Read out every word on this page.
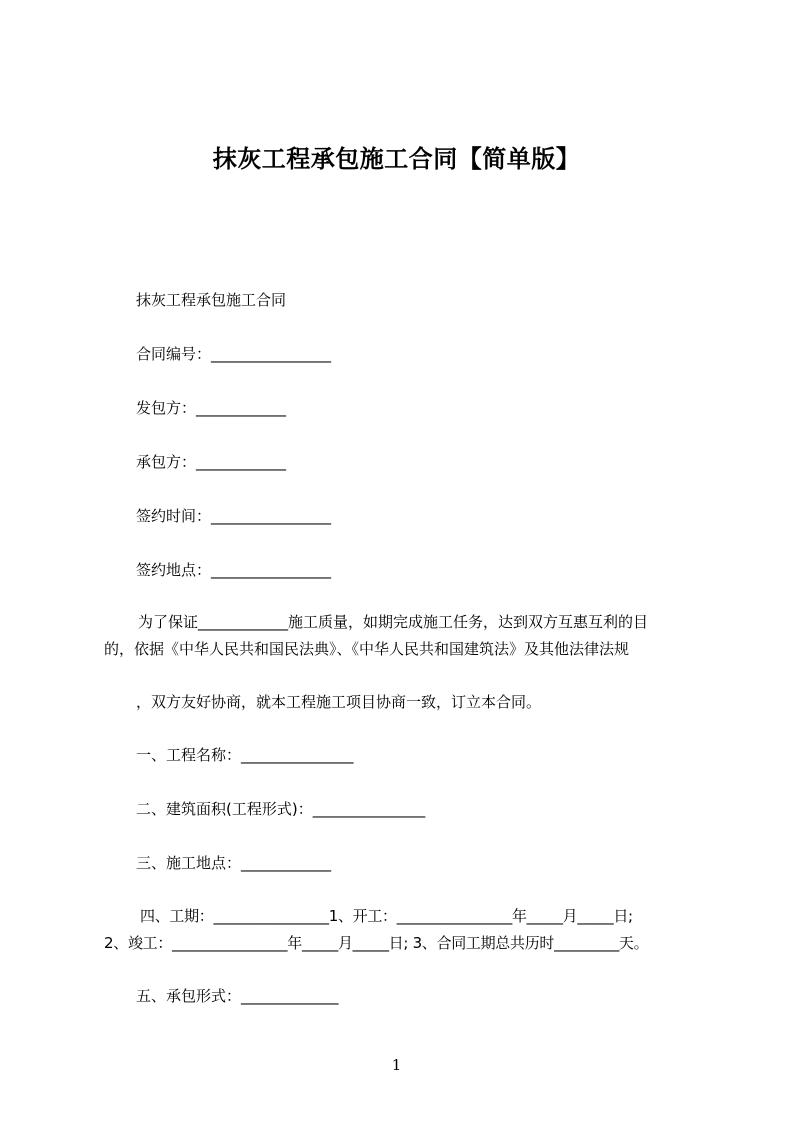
抹灰工程承包施工合同【简单版】
抹灰工程承包施工合同
合同编号：________________
发包方：____________
承包方：____________
签约时间：________________
签约地点：________________
为了保证____________施工质量，如期完成施工任务，达到双方互惠互利的目
的，依据《中华人民共和国民法典》、《中华人民共和国建筑法》及其他法律法规
，双方友好协商，就本工程施工项目协商一致，订立本合同。
一、工程名称：_______________
二、建筑面积(工程形式)：_______________
三、施工地点：____________
四、工期：________________1、开工：________________年_____月_____日;
2、竣工：________________年_____月_____日; 3、合同工期总共历时_________天。
五、承包形式：_____________
1
